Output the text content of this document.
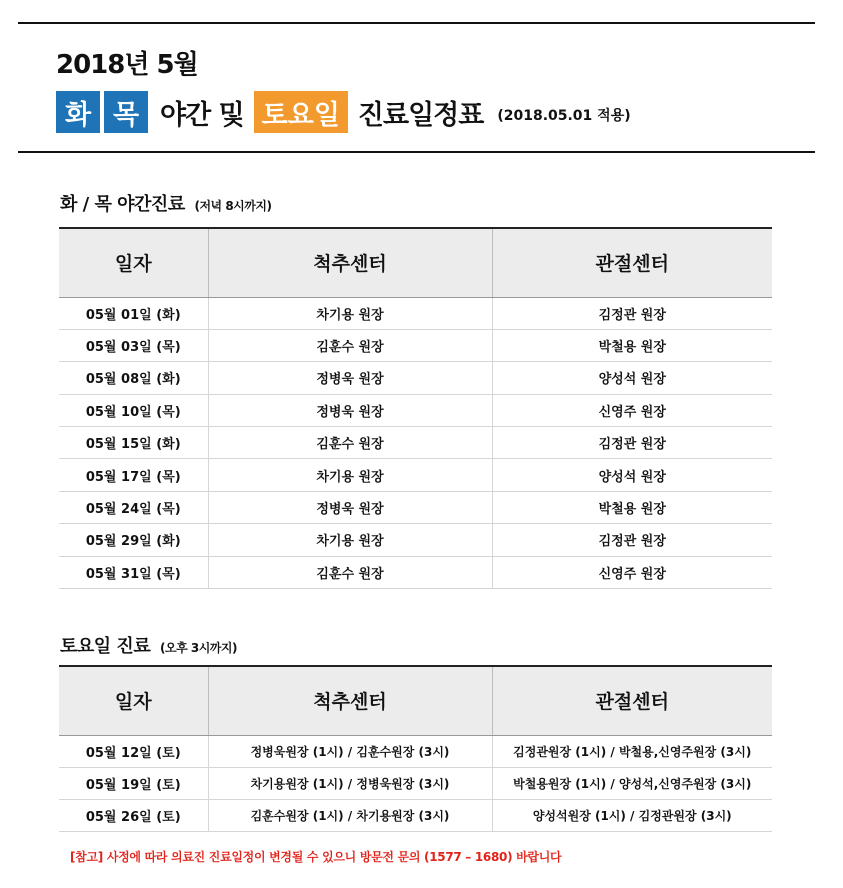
2018년 5월
화 목 야간 및 토요일 진료일정표 (2018.05.01 적용)
화 / 목 야간진료 (저녁 8시까지)
일자	척추센터	관절센터
05월 01일 (화)	차기용 원장	김정관 원장
05월 03일 (목)	김훈수 원장	박철용 원장
05월 08일 (화)	정병욱 원장	양성석 원장
05월 10일 (목)	정병욱 원장	신영주 원장
05월 15일 (화)	김훈수 원장	김정관 원장
05월 17일 (목)	차기용 원장	양성석 원장
05월 24일 (목)	정병욱 원장	박철용 원장
05월 29일 (화)	차기용 원장	김정관 원장
05월 31일 (목)	김훈수 원장	신영주 원장
토요일 진료 (오후 3시까지)
일자	척추센터	관절센터
05월 12일 (토)	정병욱원장 (1시) / 김훈수원장 (3시)	김정관원장 (1시) / 박철용,신영주원장 (3시)
05월 19일 (토)	차기용원장 (1시) / 정병욱원장 (3시)	박철용원장 (1시) / 양성석,신영주원장 (3시)
05월 26일 (토)	김훈수원장 (1시) / 차기용원장 (3시)	양성석원장 (1시) / 김정관원장 (3시)
[참고] 사정에 따라 의료진 진료일정이 변경될 수 있으니 방문전 문의 (1577 – 1680) 바랍니다
